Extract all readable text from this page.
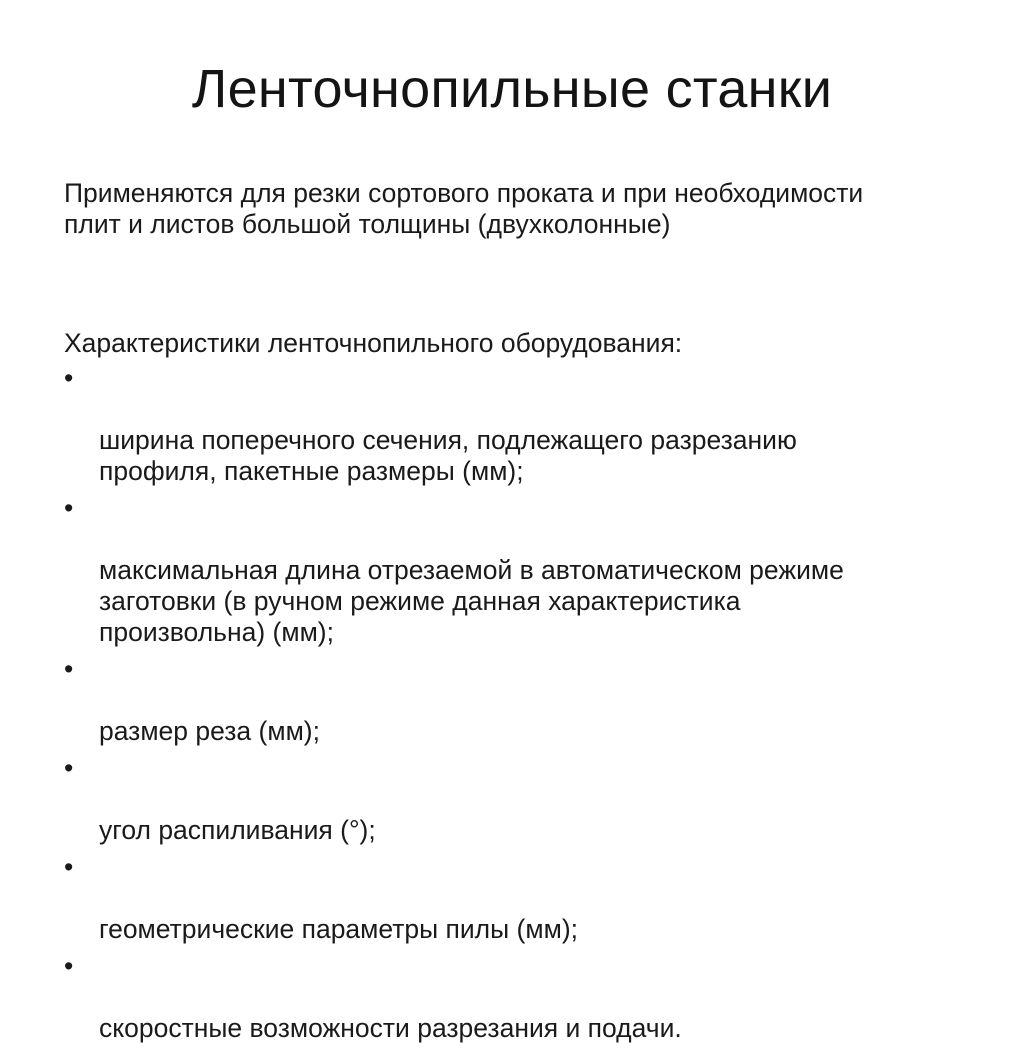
Ленточнопильные станки

Применяются для резки сортового проката и при необходимости
плит и листов большой толщины (двухколонные)

Характеристики ленточнопильного оборудования:

•

ширина поперечного сечения, подлежащего разрезанию
профиля, пакетные размеры (мм);

•

максимальная длина отрезаемой в автоматическом режиме
заготовки (в ручном режиме данная характеристика
произвольна) (мм);

•

размер реза (мм);

•

угол распиливания (°);

•

геометрические параметры пилы (мм);

•

скоростные возможности разрезания и подачи.
